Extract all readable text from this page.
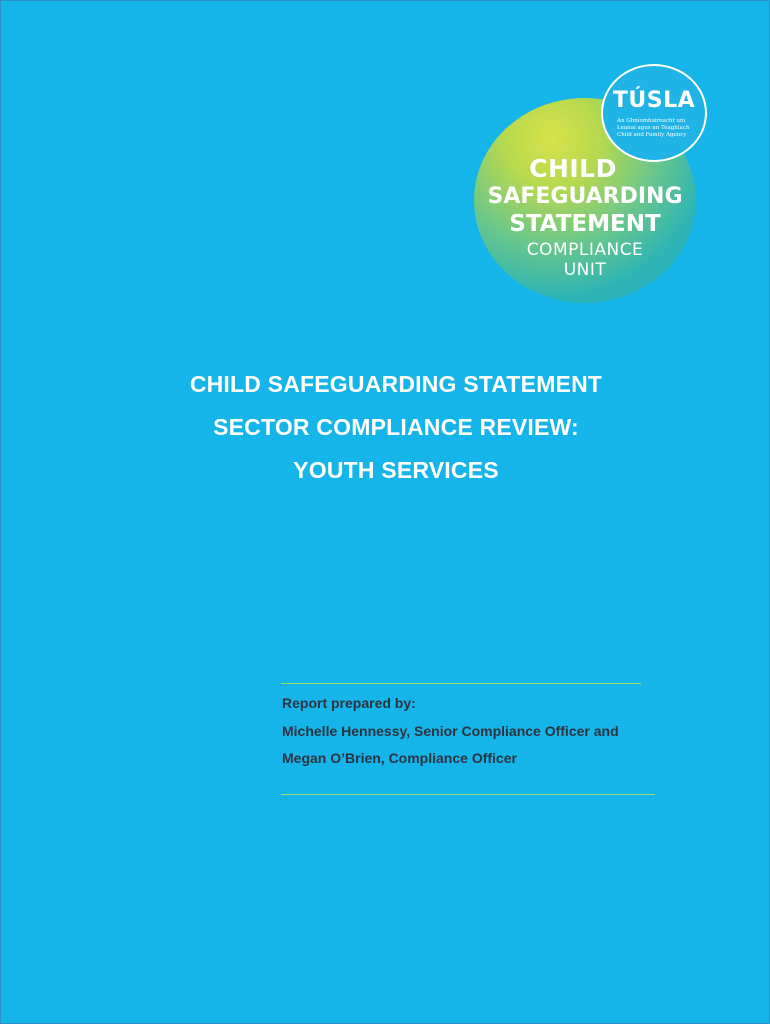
CHILD
SAFEGUARDING
STATEMENT
COMPLIANCE
UNIT
TÚSLA
An Ghníomhaireacht um
Leanaí agus an Teaghlach
Child and Family Agency
CHILD SAFEGUARDING STATEMENT
SECTOR COMPLIANCE REVIEW:
YOUTH SERVICES
Report prepared by:
Michelle Hennessy, Senior Compliance Officer and
Megan O’Brien, Compliance Officer
